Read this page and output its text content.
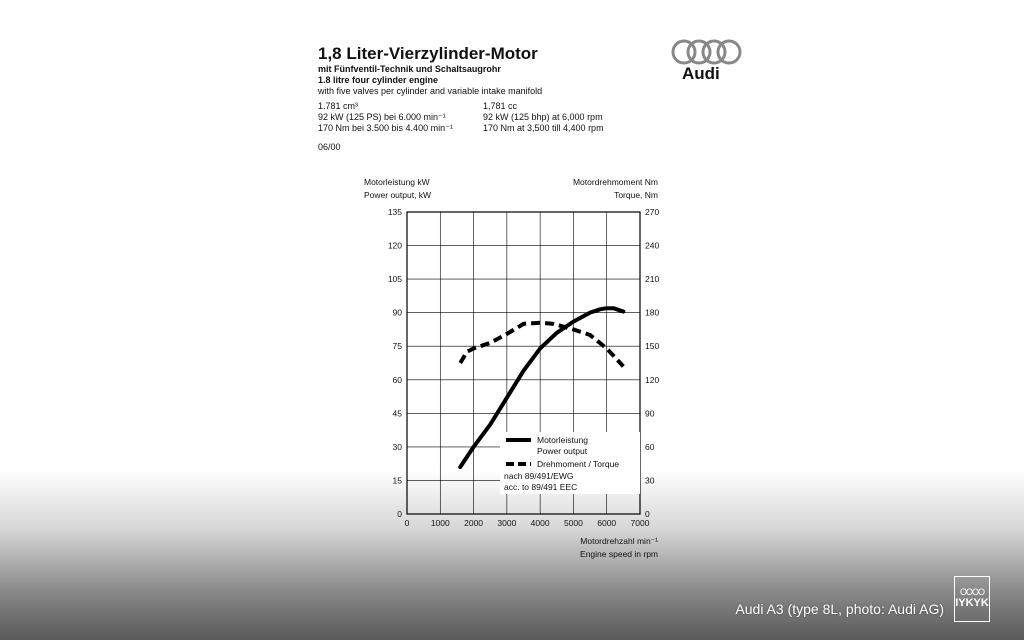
1,8 Liter-Vierzylinder-Motor
mit Fünfventil-Technik und Schaltsaugrohr
1.8 litre four cylinder engine
with five valves per cylinder and variable intake manifold
1.781 cm³
92 kW (125 PS) bei 6.000 min⁻¹
170 Nm bei 3.500 bis 4.400 min⁻¹
1,781 cc
92 kW (125 bhp) at 6,000 rpm
170 Nm at 3,500 till 4,400 rpm
06/00
Audi
0
15
30
45
60
75
90
105
120
135
0
30
60
90
120
150
180
210
240
270
0	1000 2000 3000 4000 5000 6000 7000
Motorleistung kW
Power output, kW
Motordrehmoment Nm
Torque, Nm
Motordrehzahl min⁻¹
Engine speed in rpm
Motorleistung
Power output
Drehmoment / Torque
nach 89/491/EWG
acc. to 89/491 EEC
Audi A3 (type 8L, photo: Audi AG)
OOOO
IYKYK
